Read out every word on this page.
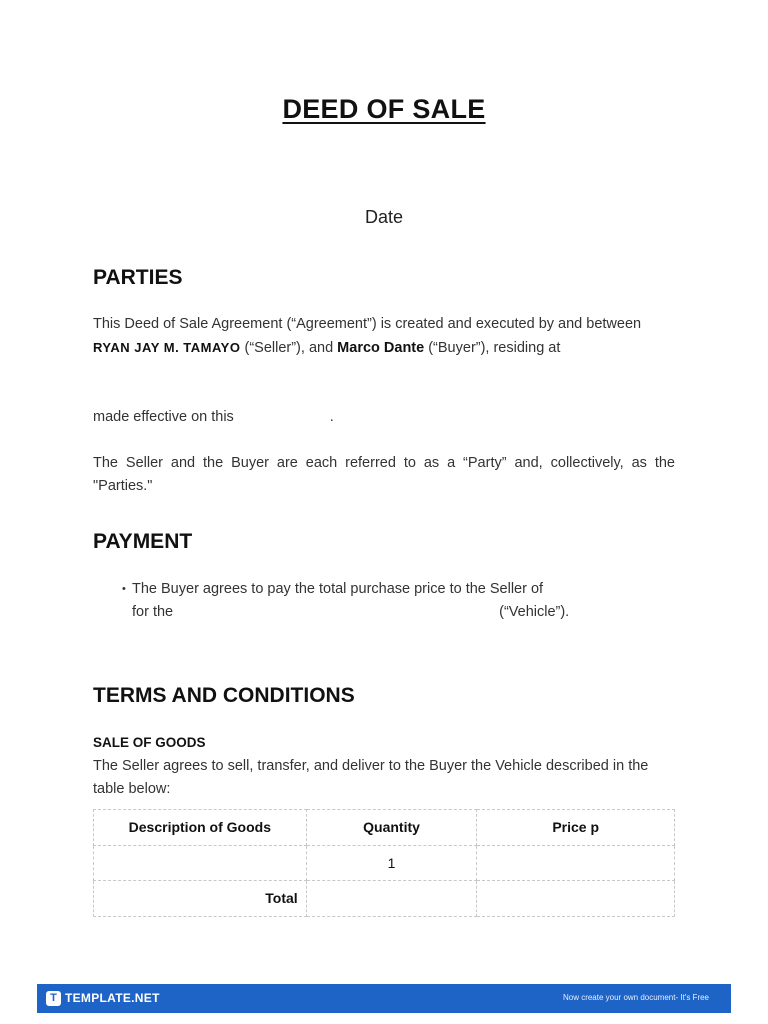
DEED OF SALE
Date
PARTIES
This Deed of Sale Agreement (“Agreement”) is created and executed by and between
RYAN JAY M. TAMAYO (“Seller”), and Marco Dante (“Buyer”), residing at
made effective on this	.
The Seller and the Buyer are each referred to as a “Party” and, collectively, as the "Parties."
PAYMENT
• The Buyer agrees to pay the total purchase price to the Seller of
for the	(“Vehicle”).
TERMS AND CONDITIONS
SALE OF GOODS
The Seller agrees to sell, transfer, and deliver to the Buyer the Vehicle described in the table below:
Description of Goods	Quantity	Price p
	1	
Total		
T TEMPLATE.NET	Now create your own document- It's Free
